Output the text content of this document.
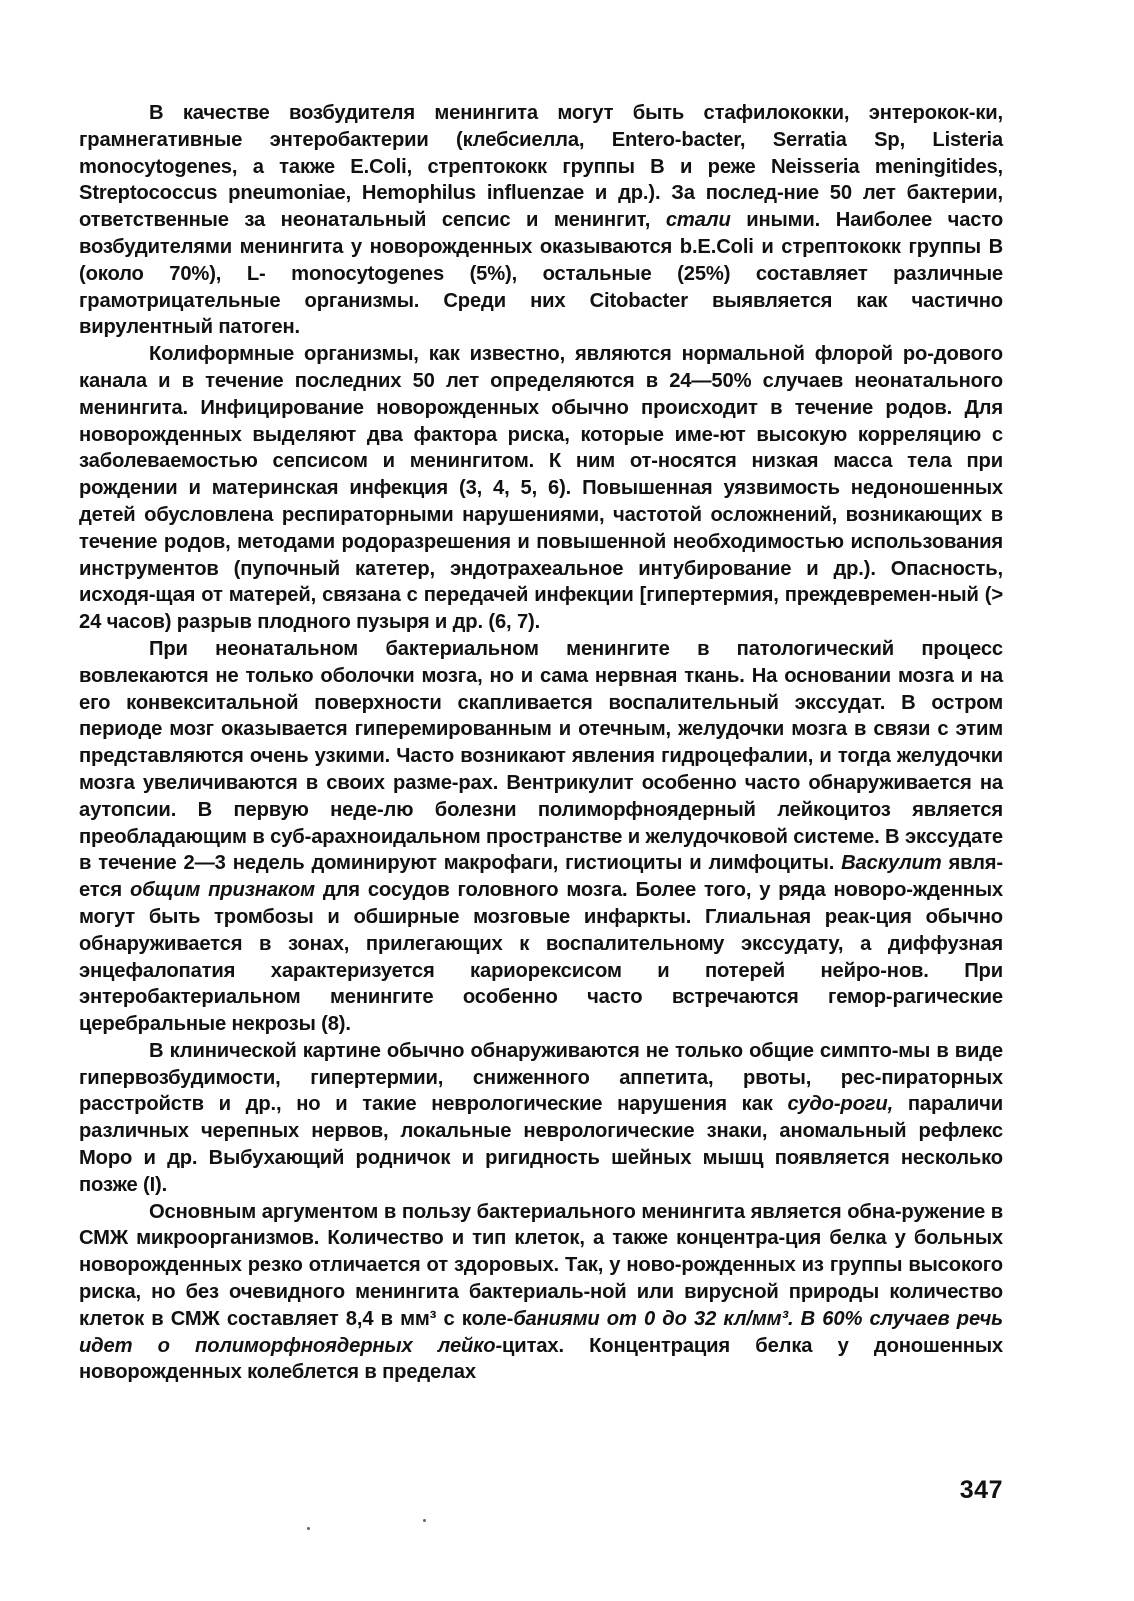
В качестве возбудителя менингита могут быть стафилококки, энтерокок-ки, грамнегативные энтеробактерии (клебсиелла, Entero-bacter, Serratia Sp, Listeria monocytogenes, а также E.Coli, стрептококк группы В и реже Neisseria meningitides, Streptococcus pneumoniae, Hemophilus influenzae и др.). За послед-ние 50 лет бактерии, ответственные за неонатальный сепсис и менингит, стали иными. Наиболее часто возбудителями менингита у новорожденных оказываются b.E.Coli и стрептококк группы В (около 70%), L- monocytogenes (5%), остальные (25%) составляет различные грамотрицательные организмы. Среди них Citobacter выявляется как частично вирулентный патоген.

Колиформные организмы, как известно, являются нормальной флорой ро-дового канала и в течение последних 50 лет определяются в 24—50% случаев неонатального менингита. Инфицирование новорожденных обычно происходит в течение родов. Для новорожденных выделяют два фактора риска, которые име-ют высокую корреляцию с заболеваемостью сепсисом и менингитом. К ним от-носятся низкая масса тела при рождении и материнская инфекция (3, 4, 5, 6). Повышенная уязвимость недоношенных детей обусловлена респираторными нарушениями, частотой осложнений, возникающих в течение родов, методами родоразрешения и повышенной необходимостью использования инструментов (пупочный катетер, эндотрахеальное интубирование и др.). Опасность, исходя-щая от матерей, связана с передачей инфекции [гипертермия, преждевремен-ный (> 24 часов) разрыв плодного пузыря и др. (6, 7).

При неонатальном бактериальном менингите в патологический процесс вовлекаются не только оболочки мозга, но и сама нервная ткань. На основании мозга и на его конвекситальной поверхности скапливается воспалительный экссудат. В остром периоде мозг оказывается гиперемированным и отечным, желудочки мозга в связи с этим представляются очень узкими. Часто возникают явления гидроцефалии, и тогда желудочки мозга увеличиваются в своих разме-рах. Вентрикулит особенно часто обнаруживается на аутопсии. В первую неде-лю болезни полиморфноядерный лейкоцитоз является преобладающим в суб-арахноидальном пространстве и желудочковой системе. В экссудате в течение 2—3 недель доминируют макрофаги, гистиоциты и лимфоциты. Васкулит явля-ется общим признаком для сосудов головного мозга. Более того, у ряда новоро-жденных могут быть тромбозы и обширные мозговые инфаркты. Глиальная реак-ция обычно обнаруживается в зонах, прилегающих к воспалительному экссудату, а диффузная энцефалопатия характеризуется кариорексисом и потерей нейро-нов. При энтеробактериальном менингите особенно часто встречаются гемор-рагические церебральные некрозы (8).

В клинической картине обычно обнаруживаются не только общие симпто-мы в виде гипервозбудимости, гипертермии, сниженного аппетита, рвоты, рес-пираторных расстройств и др., но и такие неврологические нарушения как судо-роги, параличи различных черепных нервов, локальные неврологические знаки, аномальный рефлекс Моро и др. Выбухающий родничок и ригидность шейных мышц появляется несколько позже (I).

Основным аргументом в пользу бактериального менингита является обна-ружение в СМЖ микроорганизмов. Количество и тип клеток, а также концентра-ция белка у больных новорожденных резко отличается от здоровых. Так, у ново-рожденных из группы высокого риска, но без очевидного менингита бактериаль-ной или вирусной природы количество клеток в СМЖ составляет 8,4 в мм³ с коле-баниями от 0 до 32 кл/мм³. В 60% случаев речь идет о полиморфноядерных лейко-цитах. Концентрация белка у доношенных новорожденных колеблется в пределах

347
